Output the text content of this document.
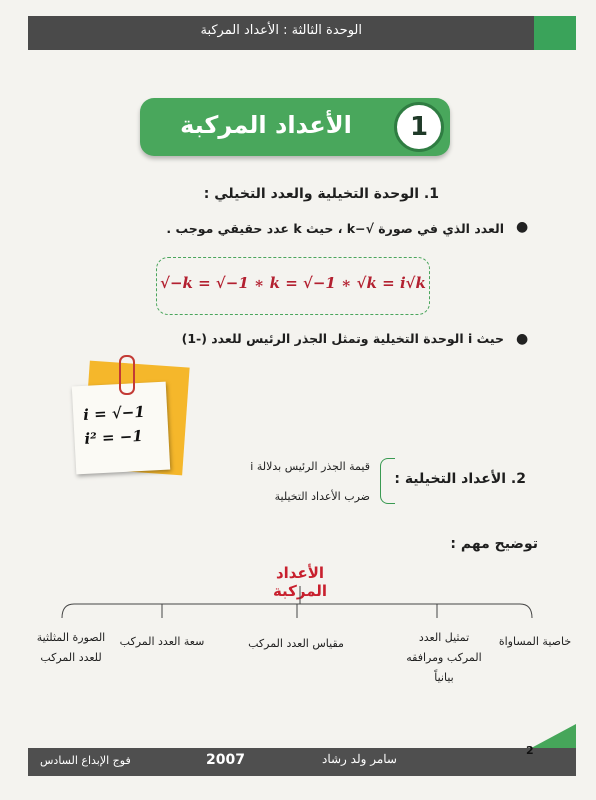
الوحدة الثالثة : الأعداد المركبة
الأعداد المركبة	1
1. الوحدة التخيلية والعدد التخيلي :
●
العدد الذي في صورة √−k ، حيث k عدد حقيقي موجب .
√−k = √−1 ∗ k = √−1 ∗ √k = i√k
●
حيث i الوحدة التخيلية وتمثل الجذر الرئيس للعدد (-1)
i = √−1
i² = −1
2. الأعداد التخيلية :
قيمة الجذر الرئيس بدلالة i
ضرب الأعداد التخيلية
توضيح مهم :
الأعداد المركبة
خاصية المساواة
تمثيل العدد المركب ومرافقه بيانياً
مقياس العدد المركب
سعة العدد المركب
الصورة المثلثية للعدد المركب
فوج الإبداع السادس	2007	سامر ولد رشاد
2
